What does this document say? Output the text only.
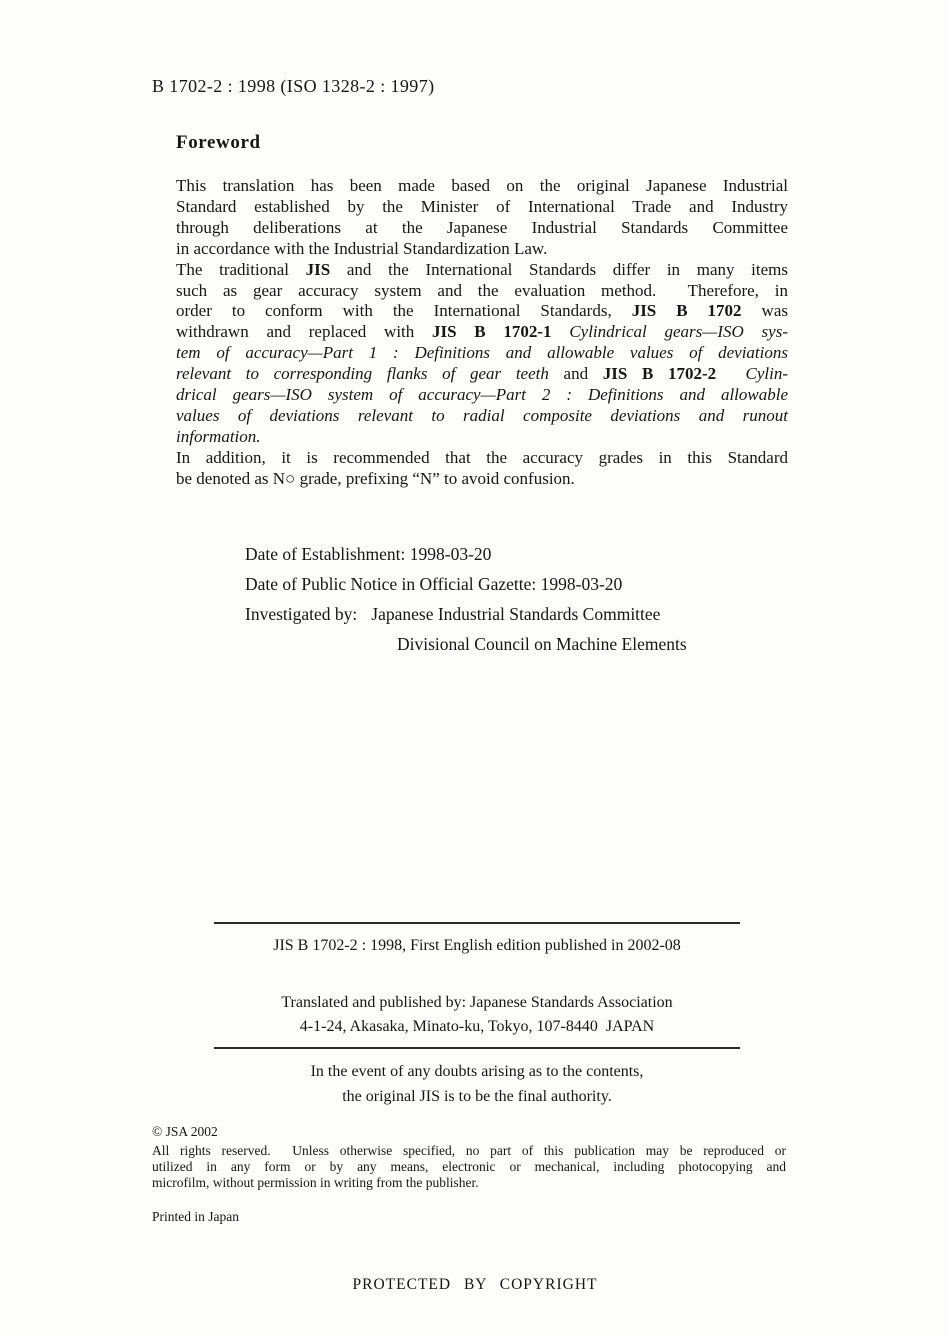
B 1702-2 : 1998 (ISO 1328-2 : 1997)
Foreword
This translation has been made based on the original Japanese Industrial
Standard established by the Minister of International Trade and Industry
through deliberations at the Japanese Industrial Standards Committee
in accordance with the Industrial Standardization Law.
The traditional JIS and the International Standards differ in many items
such as gear accuracy system and the evaluation method.  Therefore, in
order to conform with the International Standards, JIS B 1702 was
withdrawn and replaced with JIS B 1702-1 Cylindrical gears—ISO sys-
tem of accuracy—Part 1 : Definitions and allowable values of deviations
relevant to corresponding flanks of gear teeth and JIS B 1702-2 Cylin-
drical gears—ISO system of accuracy—Part 2 : Definitions and allowable
values of deviations relevant to radial composite deviations and runout
information.
In addition, it is recommended that the accuracy grades in this Standard
be denoted as N○ grade, prefixing “N” to avoid confusion.
Date of Establishment: 1998-03-20
Date of Public Notice in Official Gazette: 1998-03-20
Investigated by: Japanese Industrial Standards Committee
Divisional Council on Machine Elements
JIS B 1702-2 : 1998, First English edition published in 2002-08
Translated and published by: Japanese Standards Association
4-1-24, Akasaka, Minato-ku, Tokyo, 107-8440  JAPAN
In the event of any doubts arising as to the contents,
the original JIS is to be the final authority.
© JSA 2002
All rights reserved.  Unless otherwise specified, no part of this publication may be reproduced or
utilized in any form or by any means, electronic or mechanical, including photocopying and
microfilm, without permission in writing from the publisher.
Printed in Japan
PROTECTED BY COPYRIGHT
